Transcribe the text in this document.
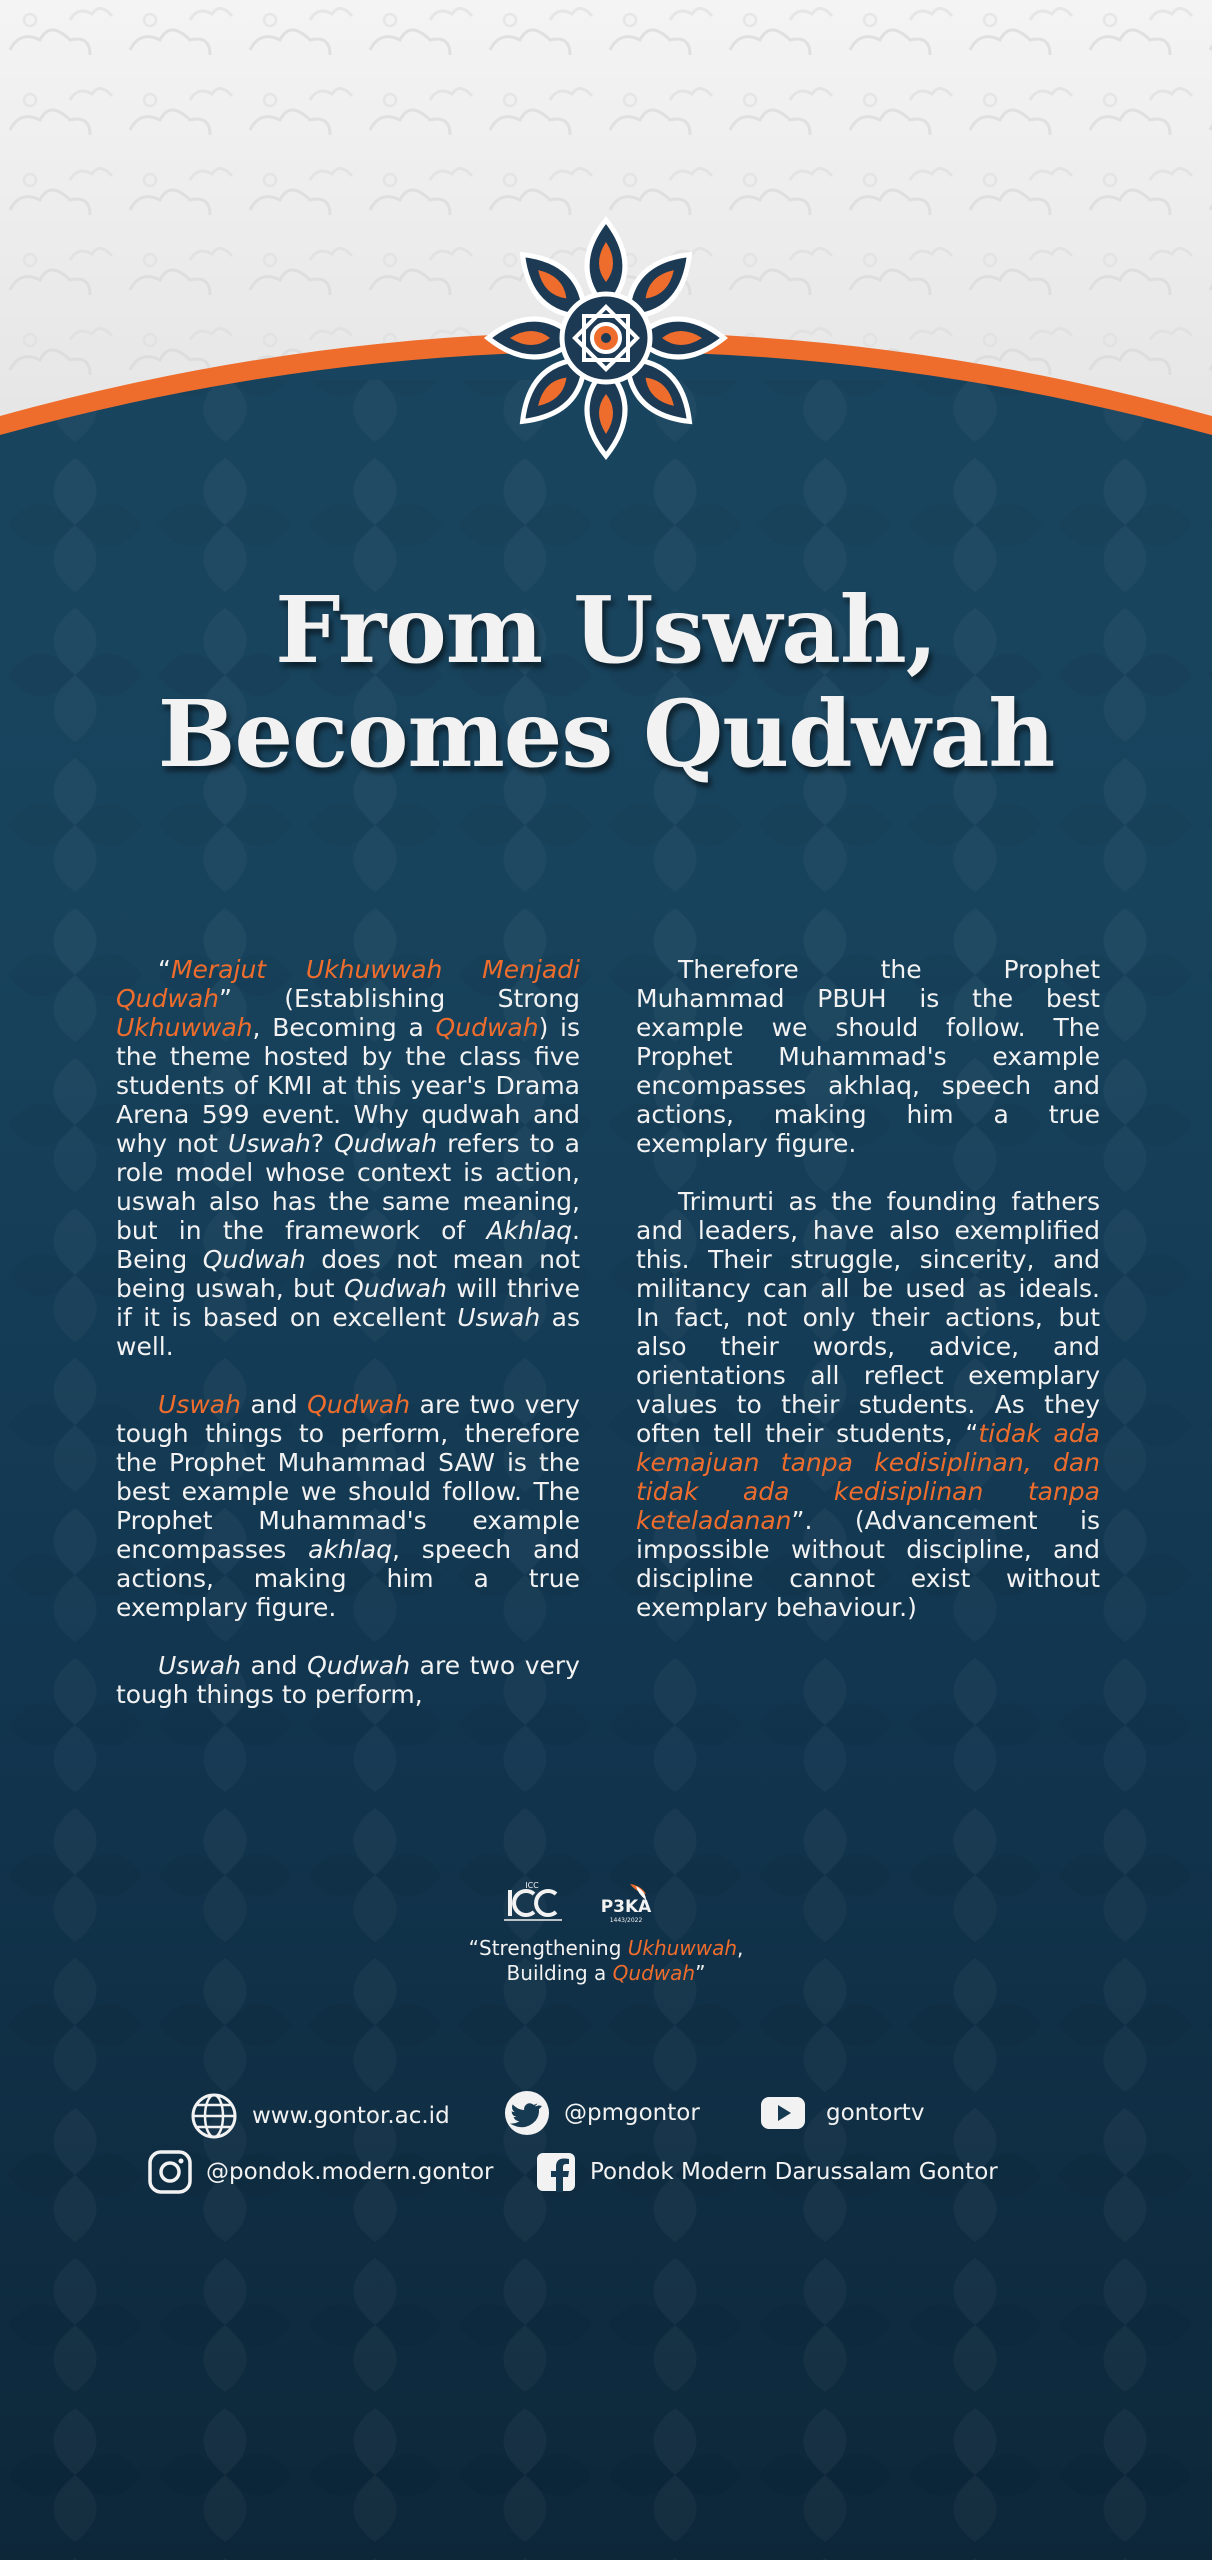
From Uswah,
Becomes Qudwah

“Merajut Ukhuwwah Menjadi Qudwah” (Establishing Strong Ukhuwwah, Becoming a Qudwah) is the theme hosted by the class five students of KMI at this year's Drama Arena 599 event. Why qudwah and why not Uswah? Qudwah refers to a role model whose context is action, uswah also has the same meaning, but in the framework of Akhlaq. Being Qudwah does not mean not being uswah, but Qudwah will thrive if it is based on excellent Uswah as well.

Uswah and Qudwah are two very tough things to perform, therefore the Prophet Muhammad SAW is the best example we should follow. The Prophet Muhammad's example encompasses akhlaq, speech and actions, making him a true exemplary figure.

Uswah and Qudwah are two very tough things to perform,

Therefore the Prophet Muhammad PBUH is the best example we should follow. The Prophet Muhammad's example encompasses akhlaq, speech and actions, making him a true exemplary figure.

Trimurti as the founding fathers and leaders, have also exemplified this. Their struggle, sincerity, and militancy can all be used as ideals. In fact, not only their actions, but also their words, advice, and orientations all reflect exemplary values to their students. As they often tell their students, “tidak ada kemajuan tanpa kedisiplinan, dan tidak ada kedisiplinan tanpa keteladanan”. (Advancement is impossible without discipline, and discipline cannot exist without exemplary behaviour.)

ICC
P3KA
1443/2022
“Strengthening Ukhuwwah,
Building a Qudwah”
www.gontor.ac.id	@pmgontor	gontortv
@pondok.modern.gontor	Pondok Modern Darussalam Gontor
